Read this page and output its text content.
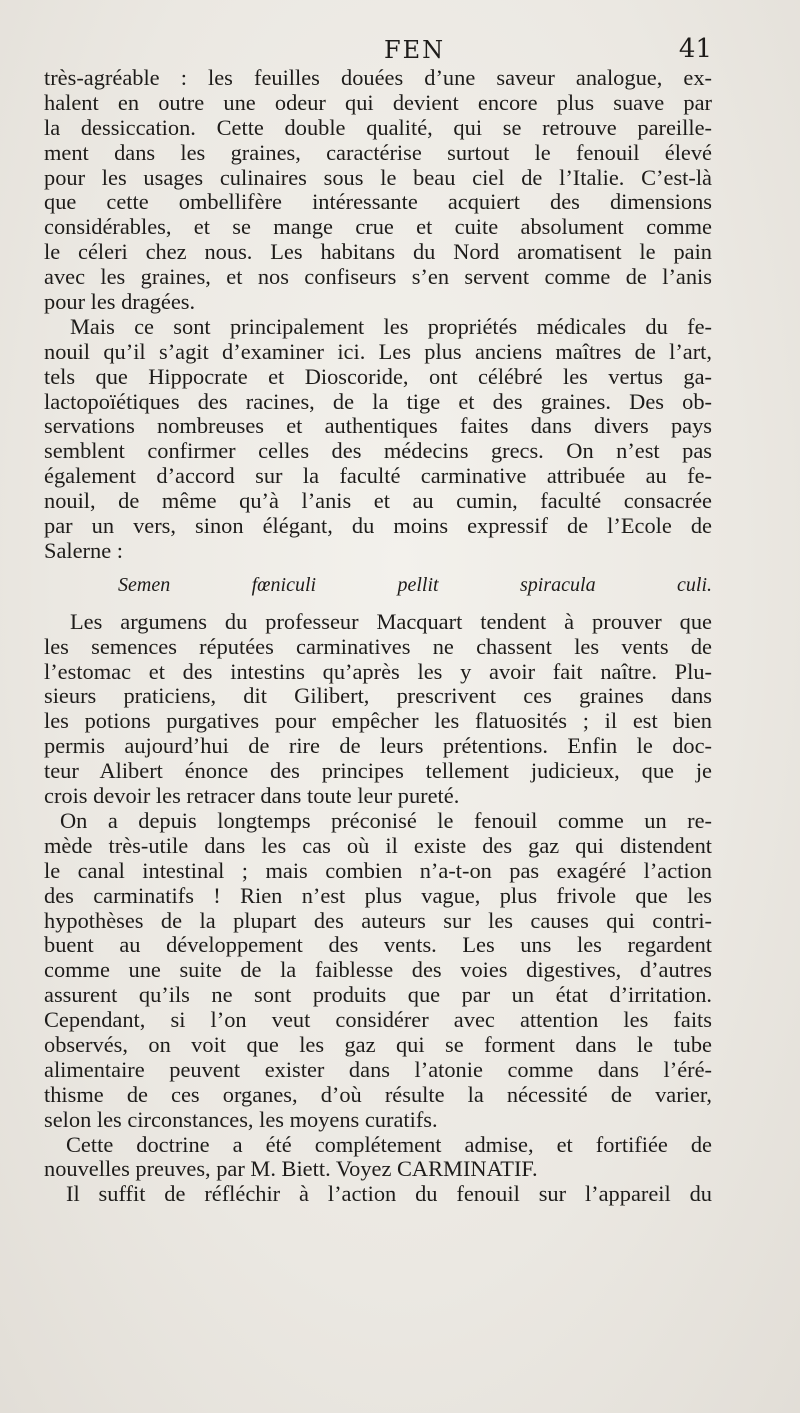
FEN	41
très-agréable : les feuilles douées d’une saveur analogue, ex-
halent en outre une odeur qui devient encore plus suave par
la dessiccation. Cette double qualité, qui se retrouve pareille-
ment dans les graines, caractérise surtout le fenouil élevé
pour les usages culinaires sous le beau ciel de l’Italie. C’est-là
que cette ombellifère intéressante acquiert des dimensions
considérables, et se mange crue et cuite absolument comme
le céleri chez nous. Les habitans du Nord aromatisent le pain
avec les graines, et nos confiseurs s’en servent comme de l’anis
pour les dragées.
Mais ce sont principalement les propriétés médicales du fe-
nouil qu’il s’agit d’examiner ici. Les plus anciens maîtres de l’art,
tels que Hippocrate et Dioscoride, ont célébré les vertus ga-
lactopoïétiques des racines, de la tige et des graines. Des ob-
servations nombreuses et authentiques faites dans divers pays
semblent confirmer celles des médecins grecs. On n’est pas
également d’accord sur la faculté carminative attribuée au fe-
nouil, de même qu’à l’anis et au cumin, faculté consacrée
par un vers, sinon élégant, du moins expressif de l’Ecole de
Salerne :
Semen fœniculi pellit spiracula culi.
Les argumens du professeur Macquart tendent à prouver que
les semences réputées carminatives ne chassent les vents de
l’estomac et des intestins qu’après les y avoir fait naître. Plu-
sieurs praticiens, dit Gilibert, prescrivent ces graines dans
les potions purgatives pour empêcher les flatuosités ; il est bien
permis aujourd’hui de rire de leurs prétentions. Enfin le doc-
teur Alibert énonce des principes tellement judicieux, que je
crois devoir les retracer dans toute leur pureté.
On a depuis longtemps préconisé le fenouil comme un re-
mède très-utile dans les cas où il existe des gaz qui distendent
le canal intestinal ; mais combien n’a-t-on pas exagéré l’action
des carminatifs ! Rien n’est plus vague, plus frivole que les
hypothèses de la plupart des auteurs sur les causes qui contri-
buent au développement des vents. Les uns les regardent
comme une suite de la faiblesse des voies digestives, d’autres
assurent qu’ils ne sont produits que par un état d’irritation.
Cependant, si l’on veut considérer avec attention les faits
observés, on voit que les gaz qui se forment dans le tube
alimentaire peuvent exister dans l’atonie comme dans l’éré-
thisme de ces organes, d’où résulte la nécessité de varier,
selon les circonstances, les moyens curatifs.
Cette doctrine a été complétement admise, et fortifiée de
nouvelles preuves, par M. Biett. Voyez CARMINATIF.
Il suffit de réfléchir à l’action du fenouil sur l’appareil du
